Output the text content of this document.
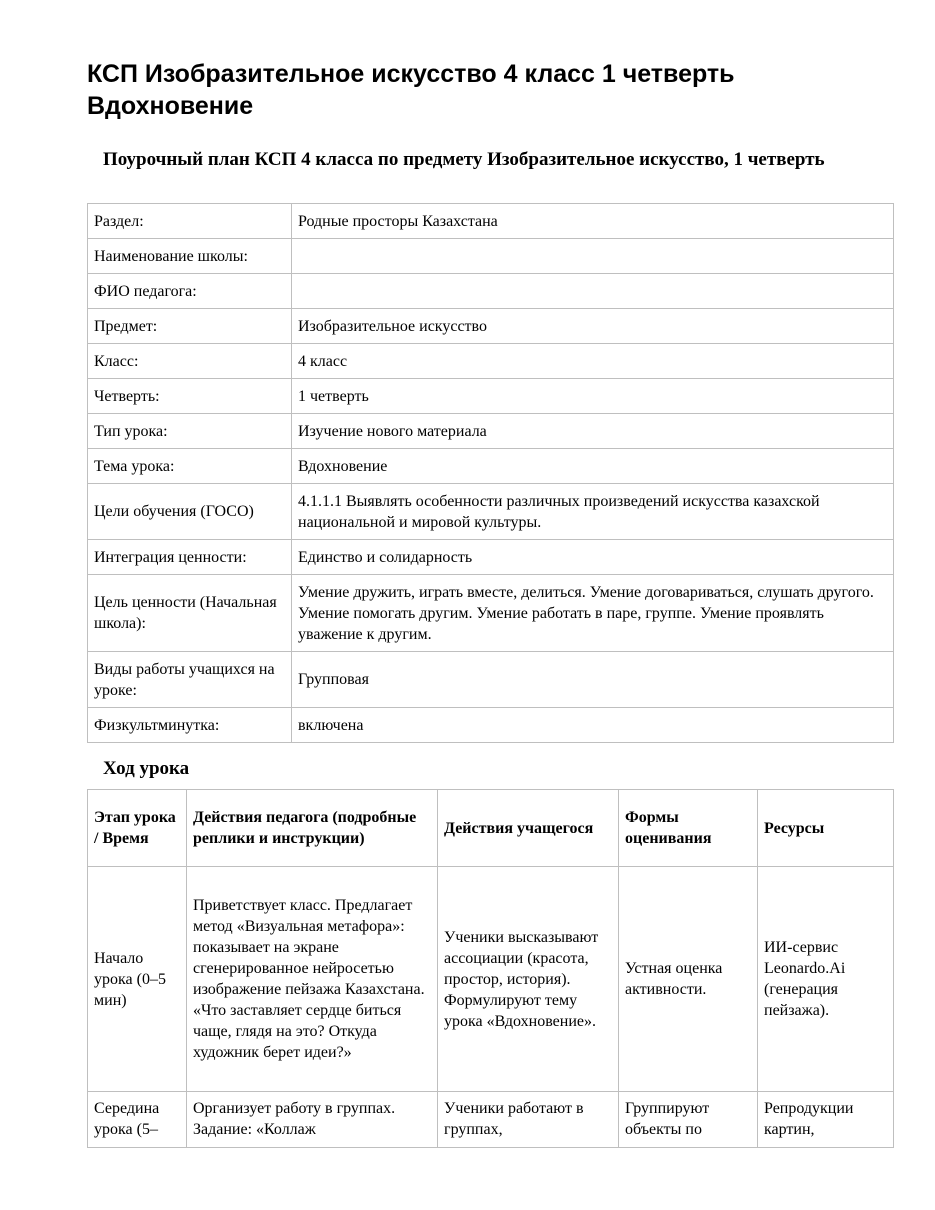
КСП Изобразительное искусство 4 класс 1 четверть Вдохновение
Поурочный план КСП 4 класса по предмету Изобразительное искусство, 1 четверть
Раздел:	Родные просторы Казахстана
Наименование школы:	
ФИО педагога:	
Предмет:	Изобразительное искусство
Класс:	4 класс
Четверть:	1 четверть
Тип урока:	Изучение нового материала
Тема урока:	Вдохновение
Цели обучения (ГОСО)	4.1.1.1 Выявлять особенности различных произведений искусства казахской национальной и мировой культуры.
Интеграция ценности:	Единство и солидарность
Цель ценности (Начальная школа):	Умение дружить, играть вместе, делиться. Умение договариваться, слушать другого. Умение помогать другим. Умение работать в паре, группе. Умение проявлять уважение к другим.
Виды работы учащихся на уроке:	Групповая
Физкультминутка:	включена
Ход урока
Этап урока / Время	Действия педагога (подробные реплики и инструкции)	Действия учащегося	Формы оценивания	Ресурсы
Начало урока (0–5 мин)	Приветствует класс. Предлагает метод «Визуальная метафора»: показывает на экране сгенерированное нейросетью изображение пейзажа Казахстана. «Что заставляет сердце биться чаще, глядя на это? Откуда художник берет идеи?»	Ученики высказывают ассоциации (красота, простор, история). Формулируют тему урока «Вдохновение».	Устная оценка активности.	ИИ-сервис Leonardo.Ai (генерация пейзажа).
Середина урока (5–	Организует работу в группах. Задание: «Коллаж	Ученики работают в группах,	Группируют объекты по	Репродукции картин,
